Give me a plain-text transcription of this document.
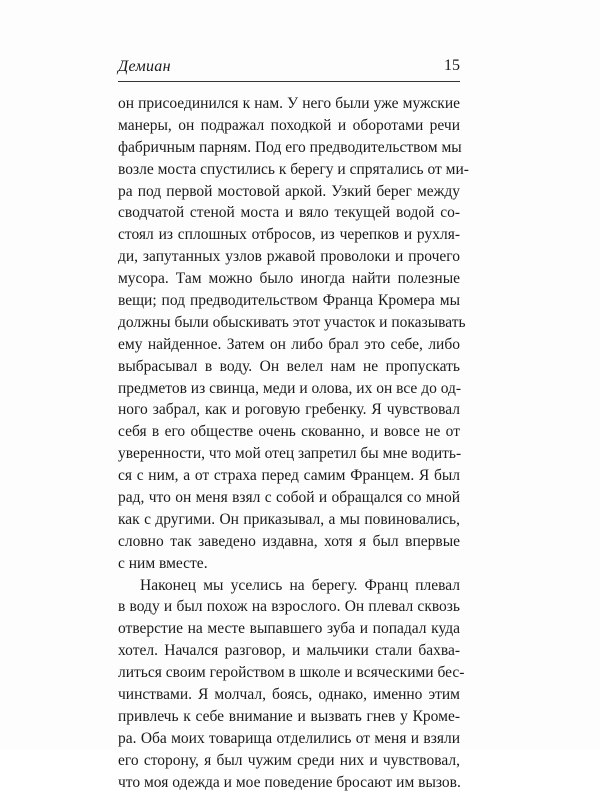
Демиан	15
он присоединился к нам. У него были уже мужские
манеры, он подражал походкой и оборотами речи
фабричным парням. Под его предводительством мы
возле моста спустились к берегу и спрятались от ми-
ра под первой мостовой аркой. Узкий берег между
сводчатой стеной моста и вяло текущей водой со-
стоял из сплошных отбросов, из черепков и рухля-
ди, запутанных узлов ржавой проволоки и прочего
мусора. Там можно было иногда найти полезные
вещи; под предводительством Франца Кромера мы
должны были обыскивать этот участок и показывать
ему найденное. Затем он либо брал это себе, либо
выбрасывал в воду. Он велел нам не пропускать
предметов из свинца, меди и олова, их он все до од-
ного забрал, как и роговую гребенку. Я чувствовал
себя в его обществе очень скованно, и вовсе не от
уверенности, что мой отец запретил бы мне водить-
ся с ним, а от страха перед самим Францем. Я был
рад, что он меня взял с собой и обращался со мной
как с другими. Он приказывал, а мы повиновались,
словно так заведено издавна, хотя я был впервые
с ним вместе.
Наконец мы уселись на берегу. Франц плевал
в воду и был похож на взрослого. Он плевал сквозь
отверстие на месте выпавшего зуба и попадал куда
хотел. Начался разговор, и мальчики стали бахва-
литься своим геройством в школе и всяческими бес-
чинствами. Я молчал, боясь, однако, именно этим
привлечь к себе внимание и вызвать гнев у Кроме-
ра. Оба моих товарища отделились от меня и взяли
его сторону, я был чужим среди них и чувствовал,
что моя одежда и мое поведение бросают им вызов.
